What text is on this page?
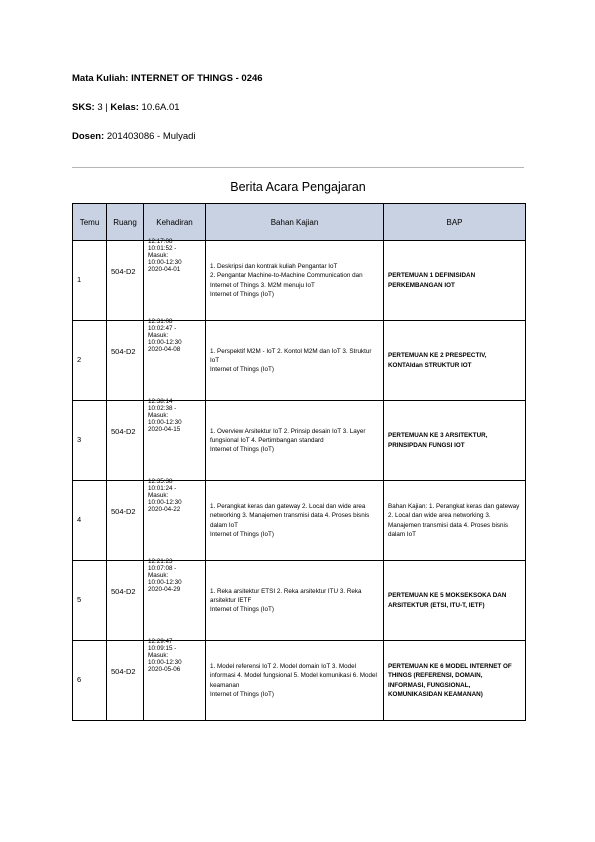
Mata Kuliah: INTERNET OF THINGS - 0246
SKS: 3 | Kelas: 10.6A.01
Dosen: 201403086 - Mulyadi
Berita Acara Pengajaran
Temu	Ruang	Kehadiran	Bahan Kajian	BAP
1	504-D2	2020-04-01
10:00-12:30
Masuk:
10:01:52 -
12:17:08	1. Deskripsi dan kontrak kuliah Pengantar IoT
2. Pengantar Machine-to-Machine Communication dan Internet of Things 3. M2M menuju IoT
Internet of Things (IoT)	PERTEMUAN 1 DEFINISIDAN PERKEMBANGAN IOT
2	504-D2	2020-04-08
10:00-12:30
Masuk:
10:02:47 -
12:31:08	1. Perspektif M2M - IoT 2. Kontol M2M dan IoT 3. Struktur IoT
Internet of Things (IoT)	PERTEMUAN KE 2 PRESPECTIV, KONTAIdan STRUKTUR IOT
3	504-D2	2020-04-15
10:00-12:30
Masuk:
10:02:38 -
12:38:14	1. Overview Arsitektur IoT 2. Prinsip desain IoT 3. Layer fungsional IoT 4. Pertimbangan standard
Internet of Things (IoT)	PERTEMUAN KE 3 ARSITEKTUR, PRINSIPDAN FUNGSI IOT
4	504-D2	2020-04-22
10:00-12:30
Masuk:
10:01:24 -
12:35:38	1. Perangkat keras dan gateway 2. Local dan wide area networking 3. Manajemen transmisi data 4. Proses bisnis dalam IoT
Internet of Things (IoT)	Bahan Kajian: 1. Perangkat keras dan gateway 2. Local dan wide area networking 3. Manajemen transmisi data 4. Proses bisnis dalam IoT
5	504-D2	2020-04-29
10:00-12:30
Masuk:
10:07:08 -
12:21:23	1. Reka arsitektur ETSI 2. Reka arsitektur ITU 3. Reka arsitektur IETF
Internet of Things (IoT)	PERTEMUAN KE 5 MOKSEKSOKA DAN ARSITEKTUR (ETSI, ITU-T, IETF)
6	504-D2	2020-05-06
10:00-12:30
Masuk:
10:09:15 -
12:29:47	1. Model referensi IoT 2. Model domain IoT 3. Model informasi 4. Model fungsional 5. Model komunikasi 6. Model keamanan
Internet of Things (IoT)	PERTEMUAN KE 6 MODEL INTERNET OF THINGS (REFERENSI, DOMAIN, INFORMASI, FUNGSIONAL, KOMUNIKASIDAN KEAMANAN)
